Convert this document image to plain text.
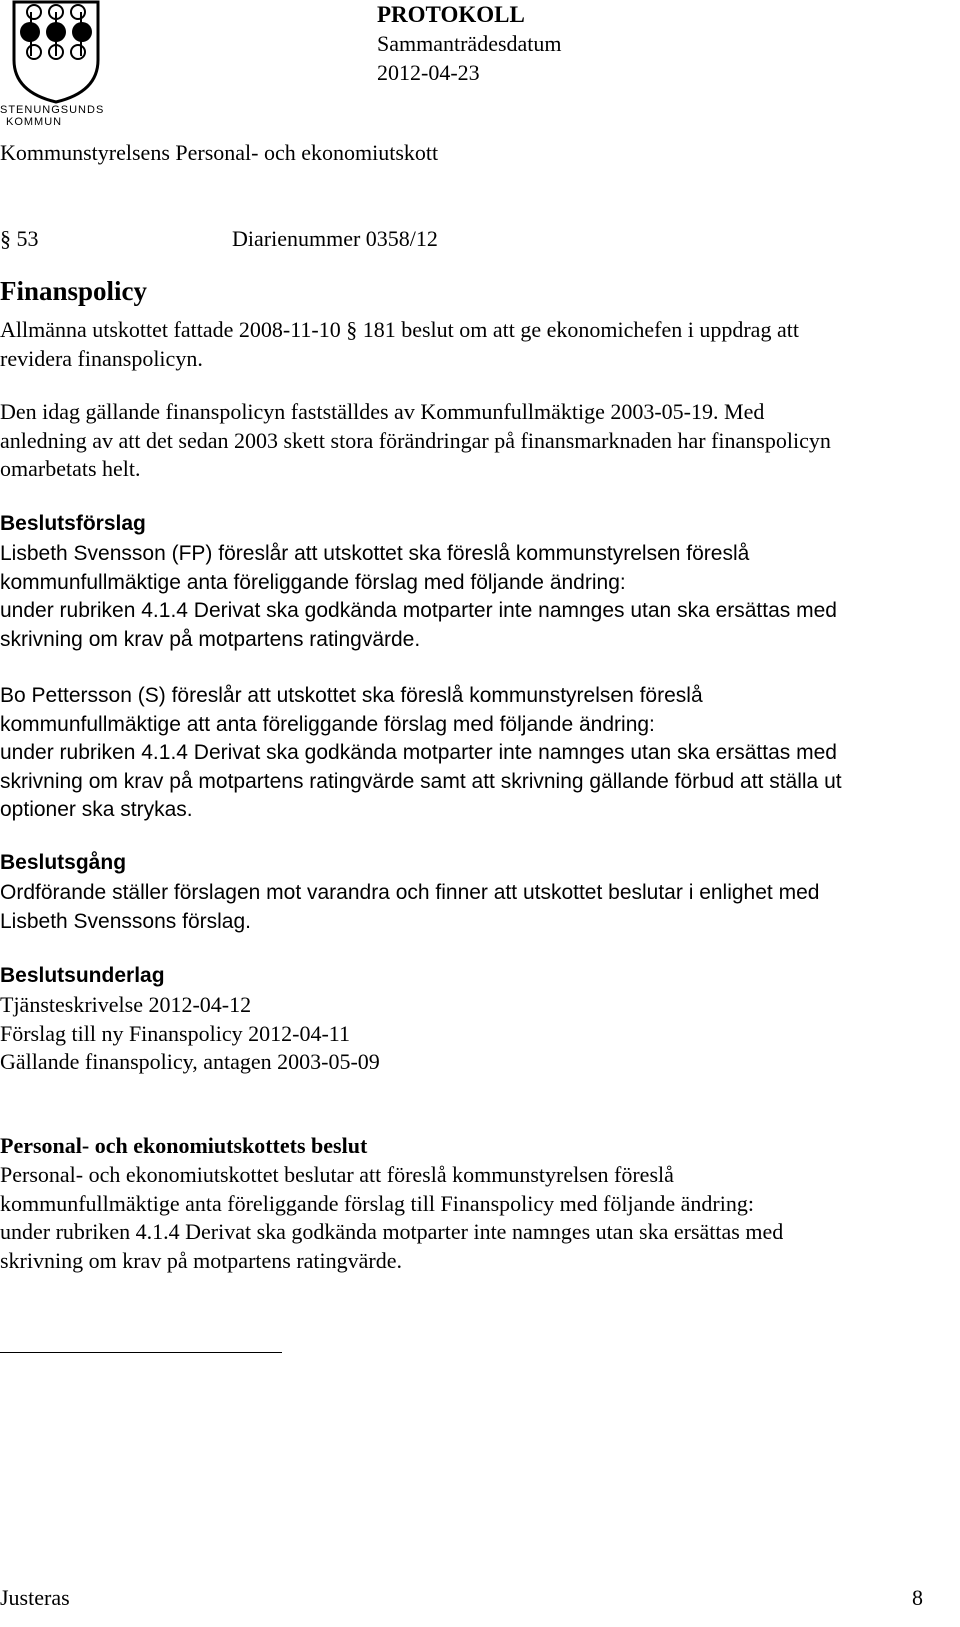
STENUNGSUNDS
KOMMUN
PROTOKOLL
Sammanträdesdatum
2012-04-23
Kommunstyrelsens Personal- och ekonomiutskott
§ 53	Diarienummer 0358/12
Finanspolicy
Allmänna utskottet fattade 2008-11-10 § 181 beslut om att ge ekonomichefen i uppdrag att
revidera finanspolicyn.
Den idag gällande finanspolicyn fastställdes av Kommunfullmäktige 2003-05-19. Med
anledning av att det sedan 2003 skett stora förändringar på finansmarknaden har finanspolicyn
omarbetats helt.
Beslutsförslag
Lisbeth Svensson (FP) föreslår att utskottet ska föreslå kommunstyrelsen föreslå
kommunfullmäktige anta föreliggande förslag med följande ändring:
under rubriken 4.1.4 Derivat ska godkända motparter inte namnges utan ska ersättas med
skrivning om krav på motpartens ratingvärde.
Bo Pettersson (S) föreslår att utskottet ska föreslå kommunstyrelsen föreslå
kommunfullmäktige att anta föreliggande förslag med följande ändring:
under rubriken 4.1.4 Derivat ska godkända motparter inte namnges utan ska ersättas med
skrivning om krav på motpartens ratingvärde samt att skrivning gällande förbud att ställa ut
optioner ska strykas.
Beslutsgång
Ordförande ställer förslagen mot varandra och finner att utskottet beslutar i enlighet med
Lisbeth Svenssons förslag.
Beslutsunderlag
Tjänsteskrivelse 2012-04-12
Förslag till ny Finanspolicy 2012-04-11
Gällande finanspolicy, antagen 2003-05-09
Personal- och ekonomiutskottets beslut
Personal- och ekonomiutskottet beslutar att föreslå kommunstyrelsen föreslå
kommunfullmäktige anta föreliggande förslag till Finanspolicy med följande ändring:
under rubriken 4.1.4 Derivat ska godkända motparter inte namnges utan ska ersättas med
skrivning om krav på motpartens ratingvärde.
Justeras	8
